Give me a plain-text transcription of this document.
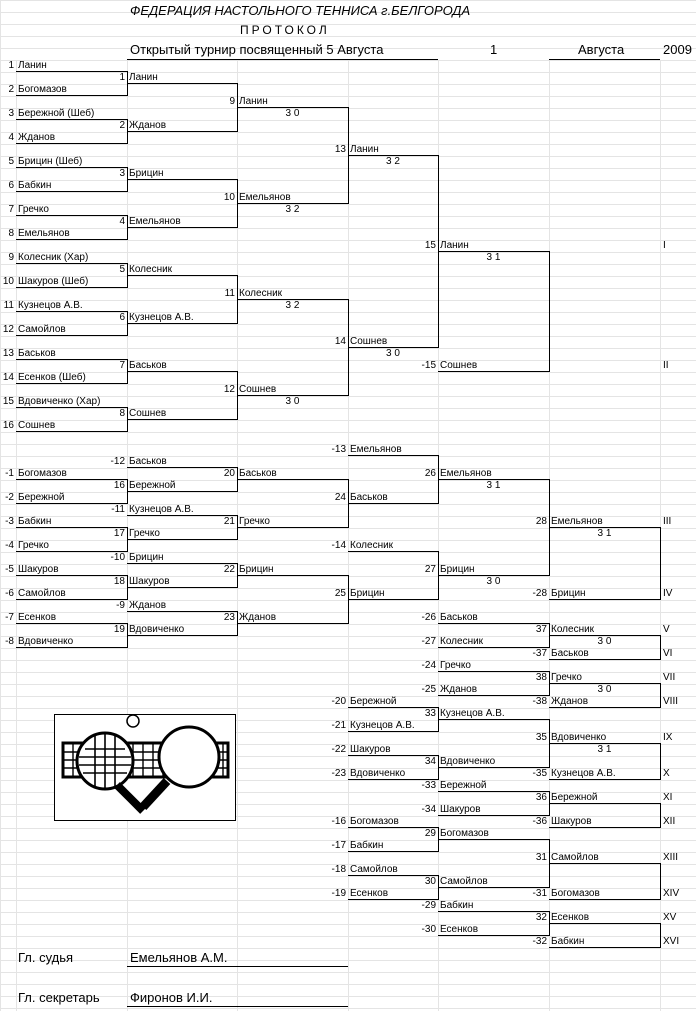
ФЕДЕРАЦИЯ НАСТОЛЬНОГО ТЕННИСА г.БЕЛГОРОДА
ПРОТОКОЛ
Открытый турнир посвященный 5 Августа	1	Августа	2009
1 Ланин
2 Богомазов
3 Бережной (Шеб)
4 Жданов
5 Брицин (Шеб)
6 Бабкин
7 Гречко
8 Емельянов
9 Колесник (Хар)
10 Шакуров (Шеб)
11 Кузнецов А.В.
12 Самойлов
13 Баськов
14 Есенков (Шеб)
15 Вдовиченко (Хар)
16 Сошнев
1 Ланин
2 Жданов
3 Брицин
4 Емельянов
5 Колесник
6 Кузнецов А.В.
7 Баськов
8 Сошнев
9 Ланин
3 0
10 Емельянов
3 2
11 Колесник
3 2
12 Сошнев
3 0
13 Ланин
3 2
14 Сошнев
3 0
15 Ланин
3 1
I
-15 Сошнев	II
-1 Богомазов
-2 Бережной
-3 Бабкин
-4 Гречко
-5 Шакуров
-6 Самойлов
-7 Есенков
-8 Вдовиченко
-12 Баськов
16 Бережной
-11 Кузнецов А.В.
17 Гречко
-10 Брицин
18 Шакуров
-9 Жданов
19 Вдовиченко
20 Баськов
21 Гречко
22 Брицин
23 Жданов
-13 Емельянов
24 Баськов
-14 Колесник
25 Брицин
26 Емельянов
3 1
27 Брицин
3 0
28 Емельянов
3 1
III
-28 Брицин	IV
-26 Баськов
-27 Колесник
-24 Гречко
-25 Жданов
37 Колесник	V
-37 Баськов	VI
38 Гречко	VII
-38 Жданов	VIII
3 0
3 0
-20 Бережной
-21 Кузнецов А.В.
-22 Шакуров
-23 Вдовиченко
33 Кузнецов А.В.
34 Вдовиченко
35 Вдовиченко
3 1
IX
-35 Кузнецов А.В.	X
-33 Бережной
-34 Шакуров
36 Бережной	XI
-36 Шакуров	XII
-16 Богомазов
-17 Бабкин
-18 Самойлов
-19 Есенков
29 Богомазов
30 Самойлов
31 Самойлов	XIII
-31 Богомазов	XIV
-29 Бабкин
-30 Есенков
32 Есенков	XV
-32 Бабкин	XVI
Гл. судья	Емельянов А.М.
Гл. секретарь Фиронов И.И.
